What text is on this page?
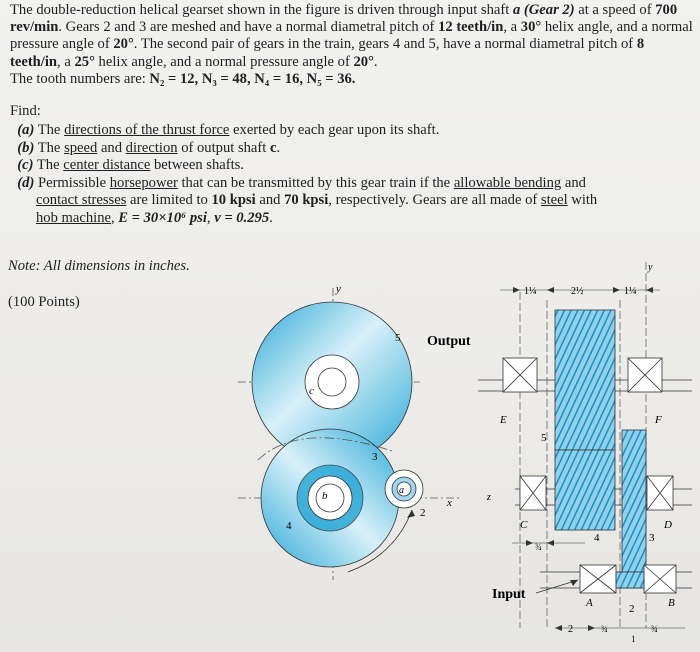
The double-reduction helical gearset shown in the figure is driven through input shaft a (Gear 2) at a speed of 700 rev/min. Gears 2 and 3 are meshed and have a normal diametral pitch of 12 teeth/in, a 30° helix angle, and a normal pressure angle of 20°. The second pair of gears in the train, gears 4 and 5, have a normal diametral pitch of 8 teeth/in, a 25° helix angle, and a normal pressure angle of 20°.

The tooth numbers are: N₂ = 12, N₃ = 48, N₄ = 16, N₅ = 36.

Find:
(a) The directions of the thrust force exerted by each gear upon its shaft.
(b) The speed and direction of output shaft c.
(c) The center distance between shafts.
(d) Permissible horsepower that can be transmitted by this gear train if the allowable bending and
contact stresses are limited to 10 kpsi and 70 kpsi, respectively. Gears are all made of steel with
hob machine, E = 30×10⁶ psi, ν = 0.295.
Note: All dimensions in inches.
(100 Points)
y
c
b	a
x
4
5
3
2
Output
1¼	2½	1¼
y
¾
2	¾
1
¾
E	F
C	D
A	B
z
5
4	3
2
Input
